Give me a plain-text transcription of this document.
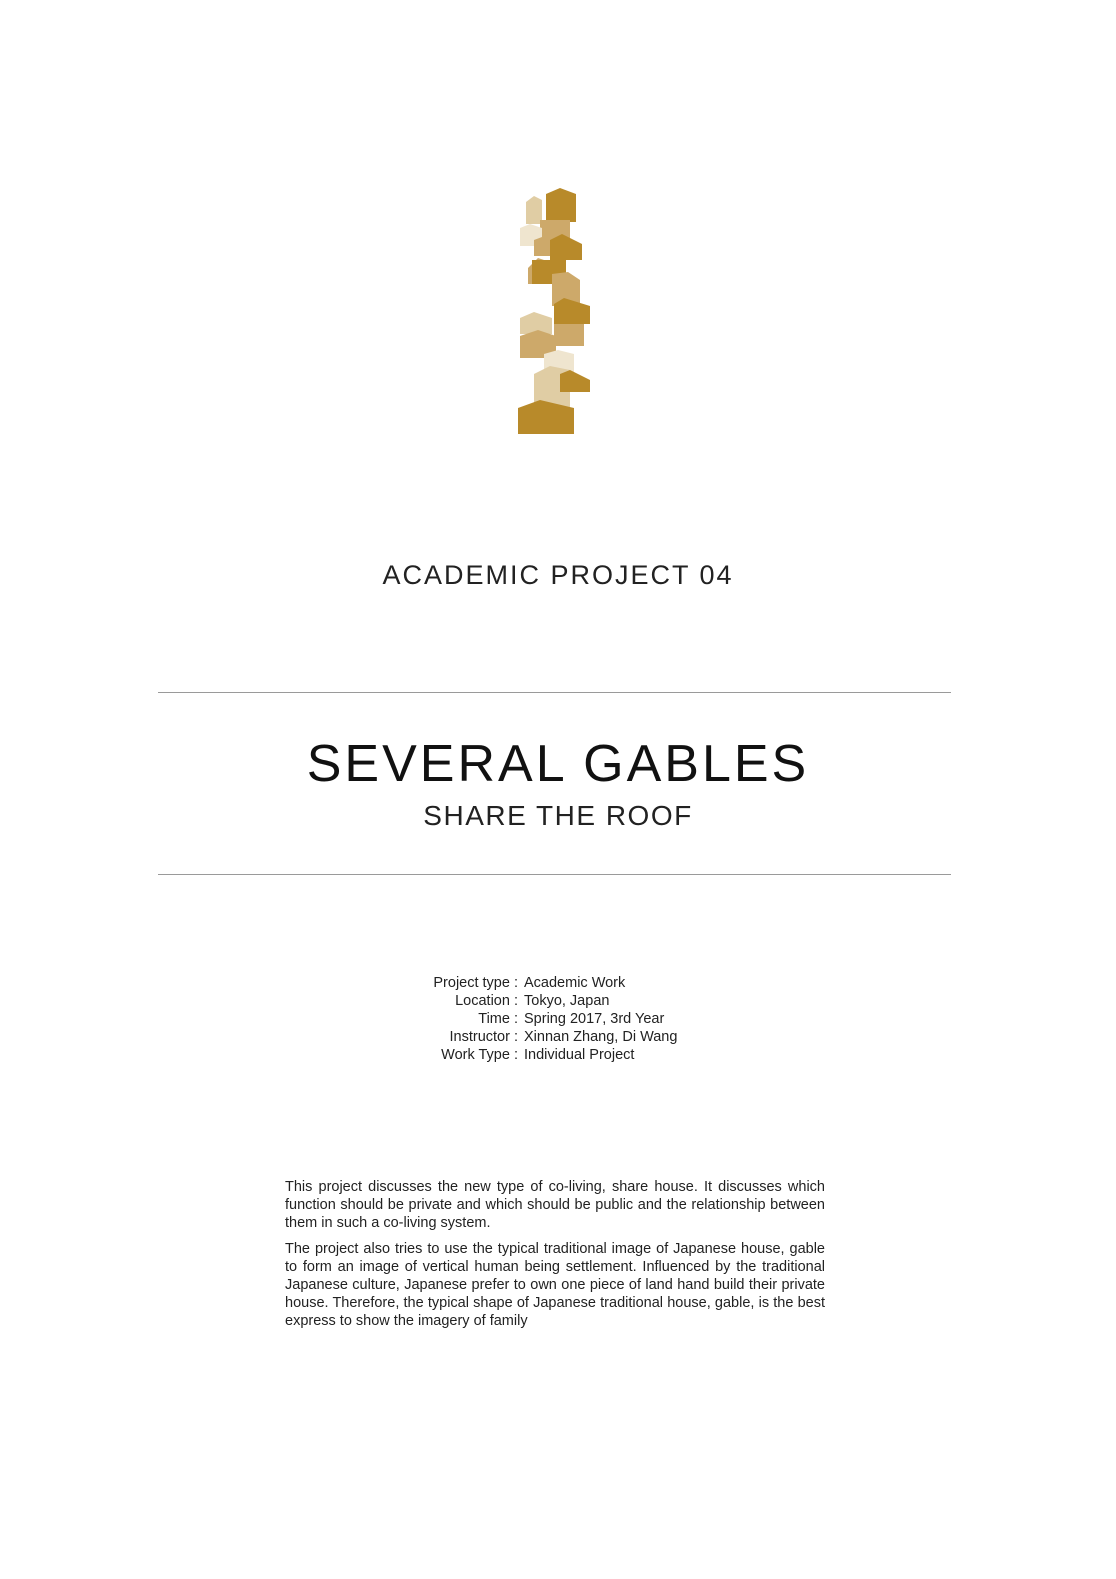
ACADEMIC PROJECT 04
SEVERAL GABLES
SHARE THE ROOF
Project type : Academic Work
Location : Tokyo, Japan
Time : Spring 2017, 3rd Year
Instructor : Xinnan Zhang, Di Wang
Work Type : Individual Project

This project discusses the new type of co-living, share house. It discusses which function should be private and which should be public and the relationship between them in such a co-living system.

The project also tries to use the typical traditional image of Japanese house, gable to form an image of vertical human being settlement. Influenced by the traditional Japanese culture, Japanese prefer to own one piece of land hand build their private house. Therefore, the typical shape of Japanese traditional house, gable, is the best express to show the imagery of family
